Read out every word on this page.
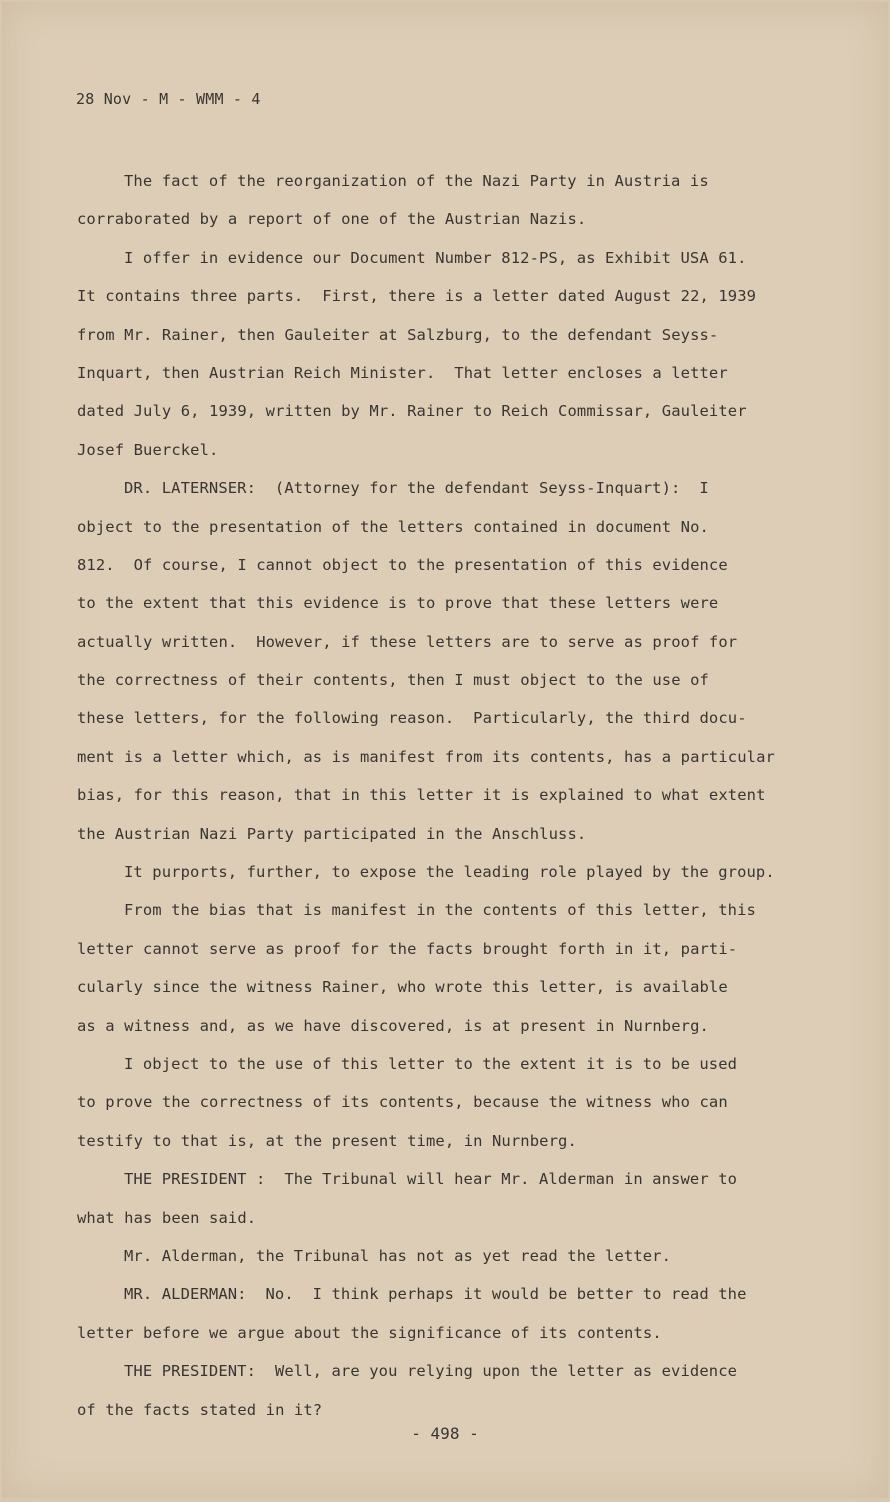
28 Nov - M - WMM - 4
The fact of the reorganization of the Nazi Party in Austria is
corraborated by a report of one of the Austrian Nazis.
I offer in evidence our Document Number 812-PS, as Exhibit USA 61.
It contains three parts.  First, there is a letter dated August 22, 1939
from Mr. Rainer, then Gauleiter at Salzburg, to the defendant Seyss-
Inquart, then Austrian Reich Minister.  That letter encloses a letter
dated July 6, 1939, written by Mr. Rainer to Reich Commissar, Gauleiter
Josef Buerckel.
DR. LATERNSER:  (Attorney for the defendant Seyss-Inquart):  I
object to the presentation of the letters contained in document No.
812.  Of course, I cannot object to the presentation of this evidence
to the extent that this evidence is to prove that these letters were
actually written.  However, if these letters are to serve as proof for
the correctness of their contents, then I must object to the use of
these letters, for the following reason.  Particularly, the third docu-
ment is a letter which, as is manifest from its contents, has a particular
bias, for this reason, that in this letter it is explained to what extent
the Austrian Nazi Party participated in the Anschluss.
It purports, further, to expose the leading role played by the group.
From the bias that is manifest in the contents of this letter, this
letter cannot serve as proof for the facts brought forth in it, parti-
cularly since the witness Rainer, who wrote this letter, is available
as a witness and, as we have discovered, is at present in Nurnberg.
I object to the use of this letter to the extent it is to be used
to prove the correctness of its contents, because the witness who can
testify to that is, at the present time, in Nurnberg.
THE PRESIDENT :  The Tribunal will hear Mr. Alderman in answer to
what has been said.
Mr. Alderman, the Tribunal has not as yet read the letter.
MR. ALDERMAN:  No.  I think perhaps it would be better to read the
letter before we argue about the significance of its contents.
THE PRESIDENT:  Well, are you relying upon the letter as evidence
of the facts stated in it?
- 498 -
